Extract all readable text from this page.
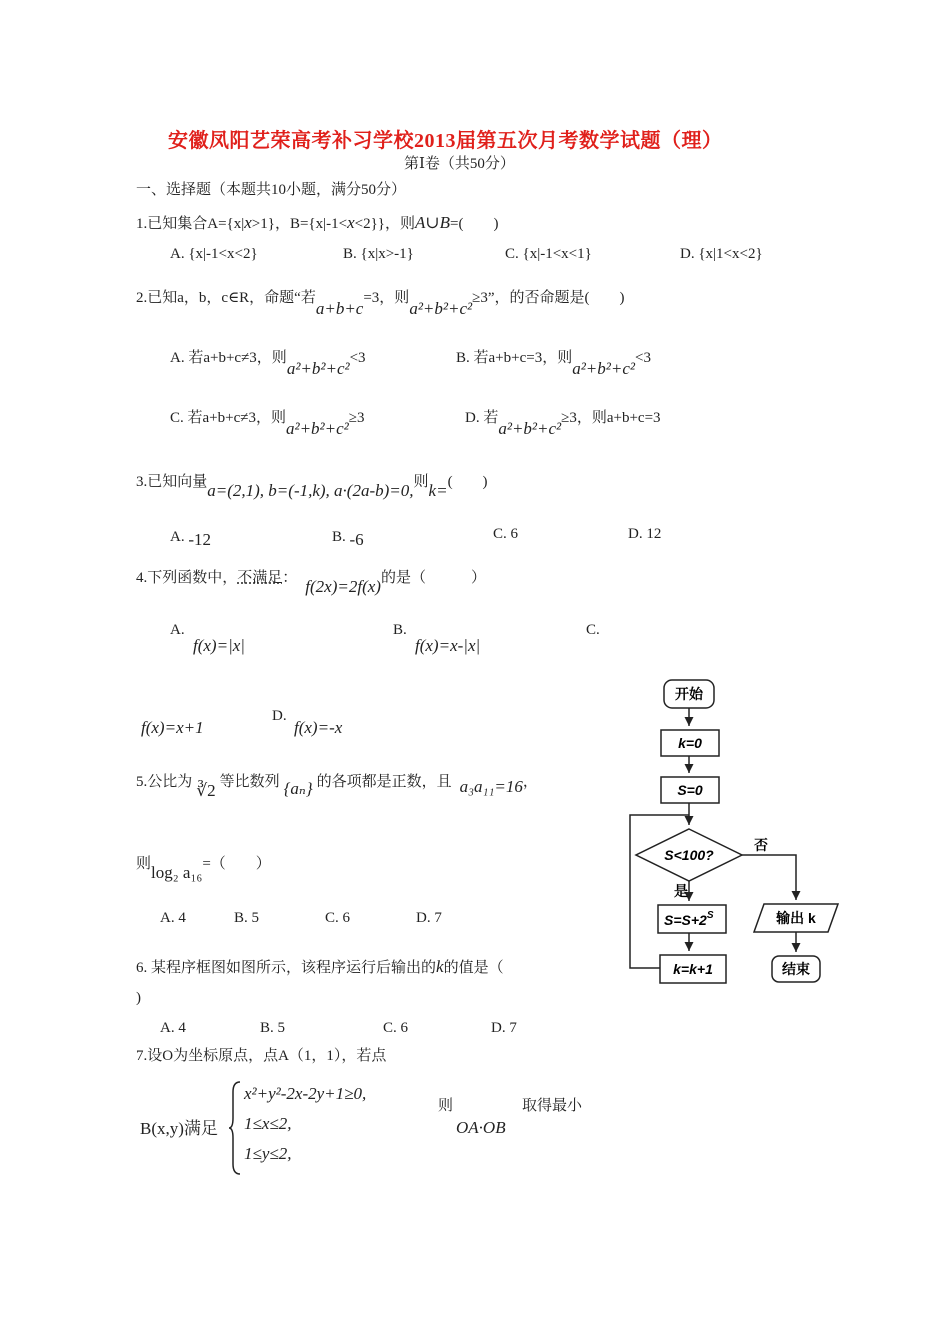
安徽凤阳艺荣高考补习学校2013届第五次月考数学试题（理）
第Ⅰ卷（共50分）
一、选择题（本题共10小题，满分50分）
1.已知集合A={x|x>1}，B={x|-1<x<2}}，则A∪B=(　　)
A. {x|-1<x<2}	B. {x|x>-1}	C. {x|-1<x<1}	D. {x|1<x<2}
2.已知a，b，c∈R，命题“若a+b+c=3，则a²+b²+c²≥3”，的否命题是(　　)
A. 若a+b+c≠3，则a²+b²+c²<3	B. 若a+b+c=3，则a²+b²+c²<3
C. 若a+b+c≠3，则a²+b²+c²≥3	D. 若a²+b²+c²≥3，则a+b+c=3
3.已知向量a=(2,1), b=(-1,k), a·(2a-b)=0,则k=(　　)
A. -12	B. -6	C. 6	D. 12
4.下列函数中，不满足： f(2x)=2f(x)的是（　　　）
A.
f(x)=|x|
B.
f(x)=x-|x|
C.
f(x)=x+1
D.
f(x)=-x
5.公比为 ∛2 等比数列 {aₙ} 的各项都是正数，且 a₃a₁₁=16，
则log₂ a₁₆=（　　）
A. 4	B. 5	C. 6	D. 7
6. 某程序框图如图所示，该程序运行后输出的k的值是（
)
A. 4	B. 5	C. 6	D. 7
7.设O为坐标原点，点A（1，1），若点
B(x,y)满足
x²+y²-2x-2y+1≥0,
1≤x≤2,
1≤y≤2,
则
OA·OB
取得最小
开始
k=0
S=0
S<100?
否
是
$S=S+2^S$
k=k+1
输出 k
结束
